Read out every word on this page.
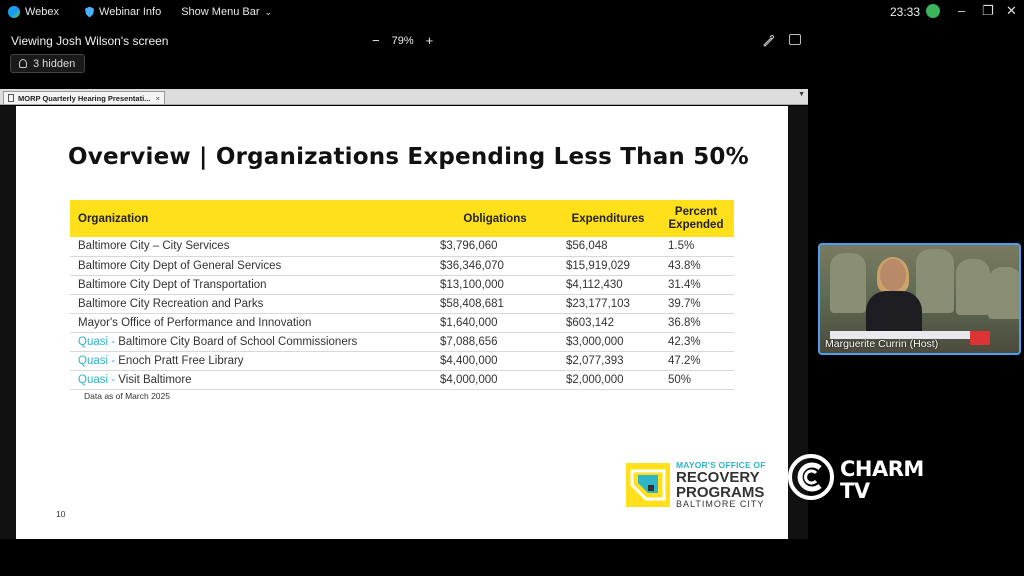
Webex	Webinar Info Show Menu Bar ⌄	23:33	– ❐ ✕
Viewing Josh Wilson's screen	− 79% +
3 hidden
MORP Quarterly Hearing Presentati... ×	▼
Overview | Organizations Expending Less Than 50%
Organization	Obligations	Expenditures	Percent
Expended
Baltimore City – City Services	$3,796,060	$56,048	1.5%
Baltimore City Dept of General Services	$36,346,070	$15,919,029	43.8%
Baltimore City Dept of Transportation	$13,100,000	$4,112,430	31.4%
Baltimore City Recreation and Parks	$58,408,681	$23,177,103	39.7%
Mayor's Office of Performance and Innovation	$1,640,000	$603,142	36.8%
Quasi - Baltimore City Board of School Commissioners	$7,088,656	$3,000,000	42.3%
Quasi - Enoch Pratt Free Library	$4,400,000	$2,077,393	47.2%
Quasi - Visit Baltimore	$4,000,000	$2,000,000	50%
Data as of March 2025
10
MAYOR'S OFFICE OF
RECOVERY
PROGRAMS
BALTIMORE CITY
CHARM
TV
Marguerite Currin (Host)
